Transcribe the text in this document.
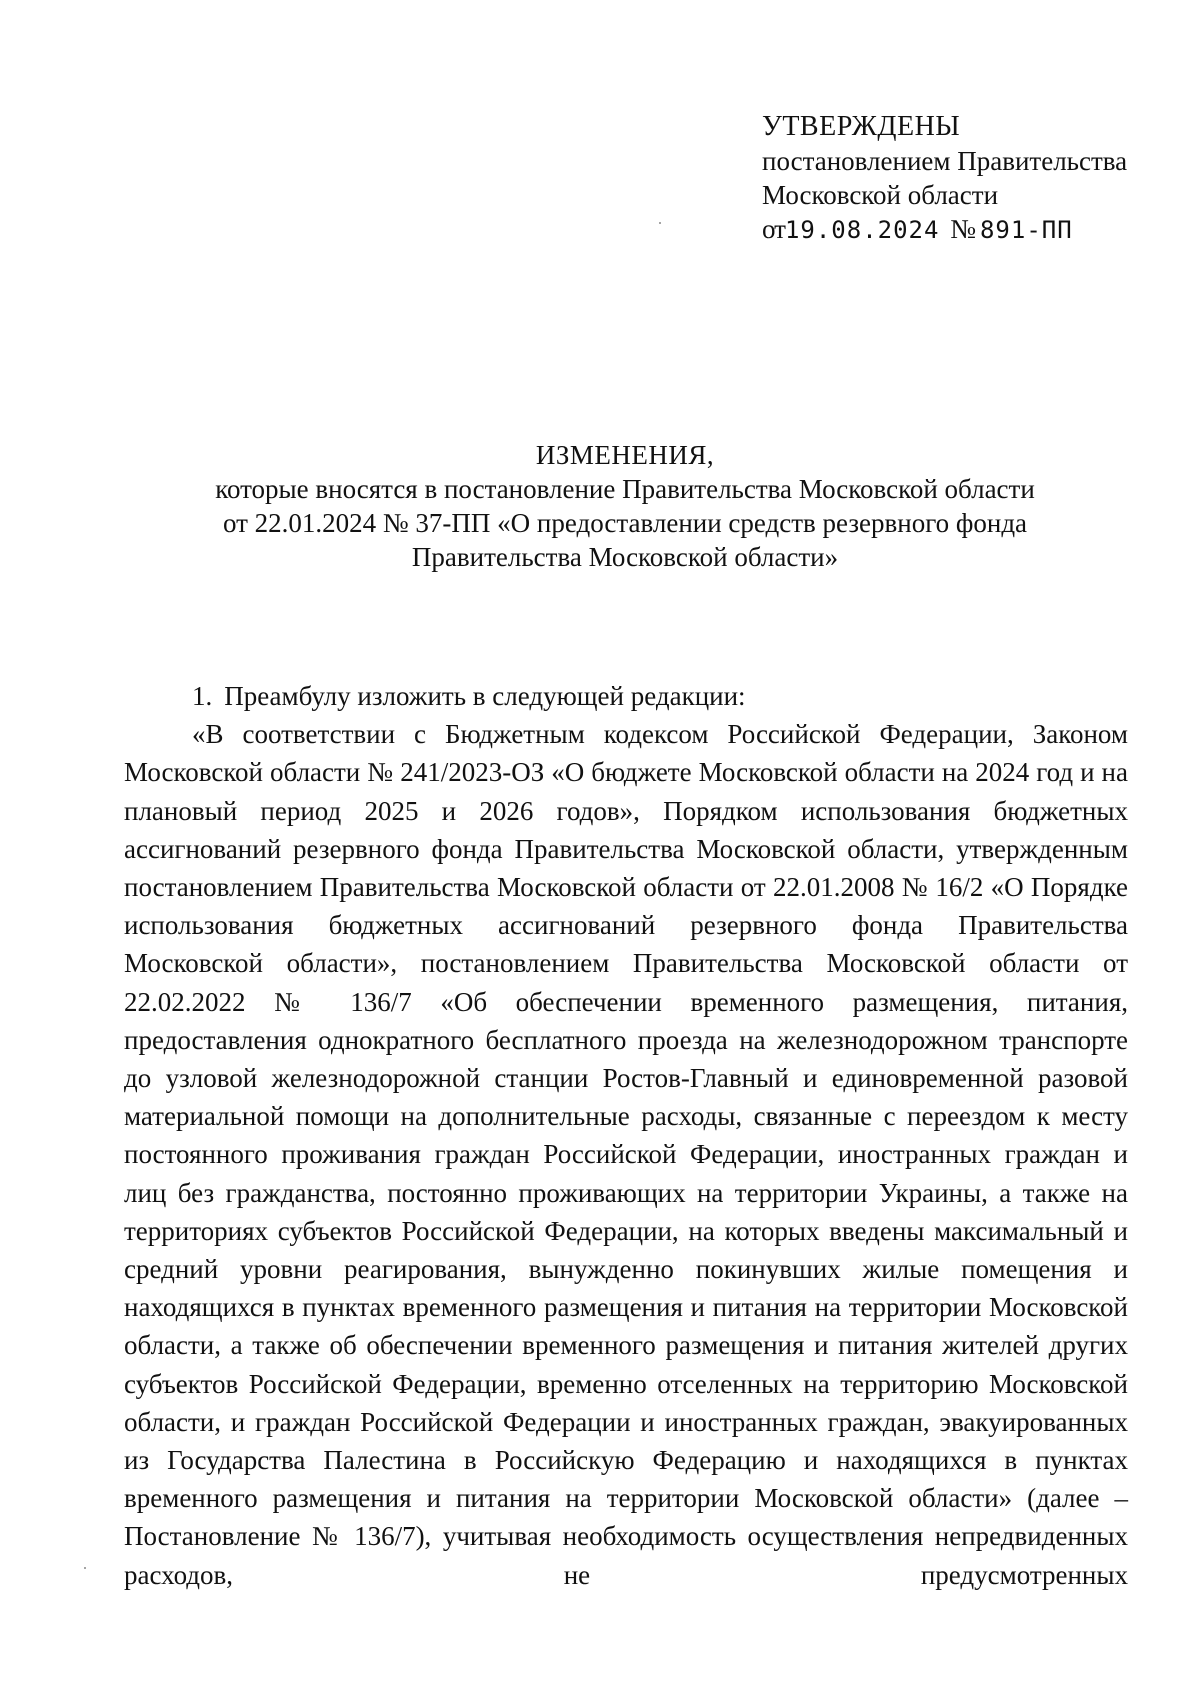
УТВЕРЖДЕНЫ
постановлением Правительства
Московской области
от19.08.2024 № 891-ПП
ИЗМЕНЕНИЯ,
которые вносятся в постановление Правительства Московской области
от 22.01.2024 № 37-ПП «О предоставлении средств резервного фонда
Правительства Московской области»

1. Преамбулу изложить в следующей редакции:

«В соответствии с Бюджетным кодексом Российской Федерации, Законом Московской области № 241/2023-ОЗ «О бюджете Московской области на 2024 год и на плановый период 2025 и 2026 годов», Порядком использования бюджетных ассигнований резервного фонда Правительства Московской области, утвержденным постановлением Правительства Московской области от 22.01.2008 № 16/2 «О Порядке использования бюджетных ассигнований резервного фонда Правительства Московской области», постановлением Правительства Московской области от 22.02.2022 № 136/7 «Об обеспечении временного размещения, питания, предоставления однократного бесплатного проезда на железнодорожном транспорте до узловой железнодорожной станции Ростов-Главный и единовременной разовой материальной помощи на дополнительные расходы, связанные с переездом к месту постоянного проживания граждан Российской Федерации, иностранных граждан и лиц без гражданства, постоянно проживающих на территории Украины, а также на территориях субъектов Российской Федерации, на которых введены максимальный и средний уровни реагирования, вынужденно покинувших жилые помещения и находящихся в пунктах временного размещения и питания на территории Московской области, а также об обеспечении временного размещения и питания жителей других субъектов Российской Федерации, временно отселенных на территорию Московской области, и граждан Российской Федерации и иностранных граждан, эвакуированных из Государства Палестина в Российскую Федерацию и находящихся в пунктах временного размещения и питания на территории Московской области» (далее – Постановление № 136/7), учитывая необходимость осуществления непредвиденных расходов, не предусмотренных
